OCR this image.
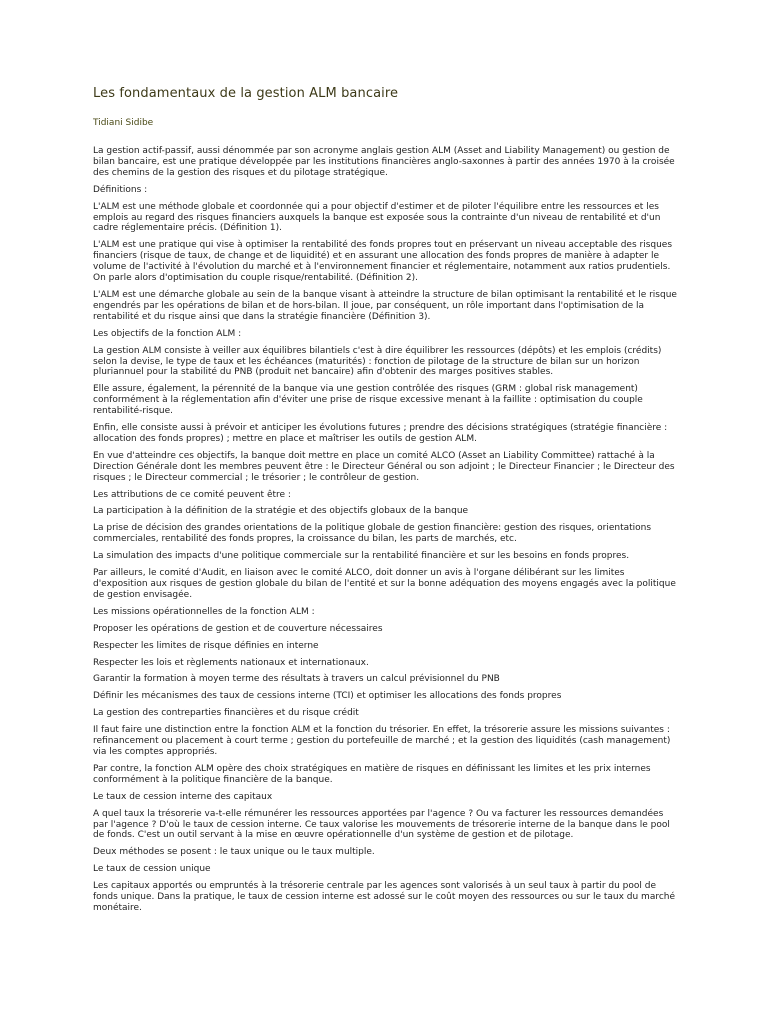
Les fondamentaux de la gestion ALM bancaire
Tidiani Sidibe

La gestion actif-passif, aussi dénommée par son acronyme anglais gestion ALM (Asset and Liability Management) ou gestion de bilan bancaire, est une pratique développée par les institutions financières anglo-saxonnes à partir des années 1970 à la croisée des chemins de la gestion des risques et du pilotage stratégique.

Définitions :

L'ALM est une méthode globale et coordonnée qui a pour objectif d'estimer et de piloter l'équilibre entre les ressources et les emplois au regard des risques financiers auxquels la banque est exposée sous la contrainte d'un niveau de rentabilité et d'un cadre réglementaire précis. (Définition 1).

L'ALM est une pratique qui vise à optimiser la rentabilité des fonds propres tout en préservant un niveau acceptable des risques financiers (risque de taux, de change et de liquidité) et en assurant une allocation des fonds propres de manière à adapter le volume de l'activité à l'évolution du marché et à l'environnement financier et réglementaire, notamment aux ratios prudentiels. On parle alors d'optimisation du couple risque/rentabilité. (Définition 2).

L'ALM est une démarche globale au sein de la banque visant à atteindre la structure de bilan optimisant la rentabilité et le risque engendrés par les opérations de bilan et de hors-bilan. Il joue, par conséquent, un rôle important dans l'optimisation de la rentabilité et du risque ainsi que dans la stratégie financière (Définition 3).

Les objectifs de la fonction ALM :

La gestion ALM consiste à veiller aux équilibres bilantiels c'est à dire équilibrer les ressources (dépôts) et les emplois (crédits) selon la devise, le type de taux et les échéances (maturités) : fonction de pilotage de la structure de bilan sur un horizon pluriannuel pour la stabilité du PNB (produit net bancaire) afin d'obtenir des marges positives stables.

Elle assure, également, la pérennité de la banque via une gestion contrôlée des risques (GRM : global risk management) conformément à la réglementation afin d'éviter une prise de risque excessive menant à la faillite : optimisation du couple rentabilité-risque.

Enfin, elle consiste aussi à prévoir et anticiper les évolutions futures ; prendre des décisions stratégiques (stratégie financière : allocation des fonds propres) ; mettre en place et maîtriser les outils de gestion ALM.

En vue d'atteindre ces objectifs, la banque doit mettre en place un comité ALCO (Asset an Liability Committee) rattaché à la Direction Générale dont les membres peuvent être : le Directeur Général ou son adjoint ; le Directeur Financier ; le Directeur des risques ; le Directeur commercial ; le trésorier ; le contrôleur de gestion.

Les attributions de ce comité peuvent être :

La participation à la définition de la stratégie et des objectifs globaux de la banque

La prise de décision des grandes orientations de la politique globale de gestion financière: gestion des risques, orientations commerciales, rentabilité des fonds propres, la croissance du bilan, les parts de marchés, etc.

La simulation des impacts d'une politique commerciale sur la rentabilité financière et sur les besoins en fonds propres.

Par ailleurs, le comité d'Audit, en liaison avec le comité ALCO, doit donner un avis à l'organe délibérant sur les limites d'exposition aux risques de gestion globale du bilan de l'entité et sur la bonne adéquation des moyens engagés avec la politique de gestion envisagée.

Les missions opérationnelles de la fonction ALM :

Proposer les opérations de gestion et de couverture nécessaires

Respecter les limites de risque définies en interne

Respecter les lois et règlements nationaux et internationaux.

Garantir la formation à moyen terme des résultats à travers un calcul prévisionnel du PNB

Définir les mécanismes des taux de cessions interne (TCI) et optimiser les allocations des fonds propres

La gestion des contreparties financières et du risque crédit

Il faut faire une distinction entre la fonction ALM et la fonction du trésorier. En effet, la trésorerie assure les missions suivantes : refinancement ou placement à court terme ; gestion du portefeuille de marché ; et la gestion des liquidités (cash management) via les comptes appropriés.

Par contre, la fonction ALM opère des choix stratégiques en matière de risques en définissant les limites et les prix internes conformément à la politique financière de la banque.

Le taux de cession interne des capitaux

A quel taux la trésorerie va-t-elle rémunérer les ressources apportées par l'agence ? Ou va facturer les ressources demandées par l'agence ? D'où le taux de cession interne. Ce taux valorise les mouvements de trésorerie interne de la banque dans le pool de fonds. C'est un outil servant à la mise en œuvre opérationnelle d'un système de gestion et de pilotage.

Deux méthodes se posent : le taux unique ou le taux multiple.

Le taux de cession unique

Les capitaux apportés ou empruntés à la trésorerie centrale par les agences sont valorisés à un seul taux à partir du pool de fonds unique. Dans la pratique, le taux de cession interne est adossé sur le coût moyen des ressources ou sur le taux du marché monétaire.
